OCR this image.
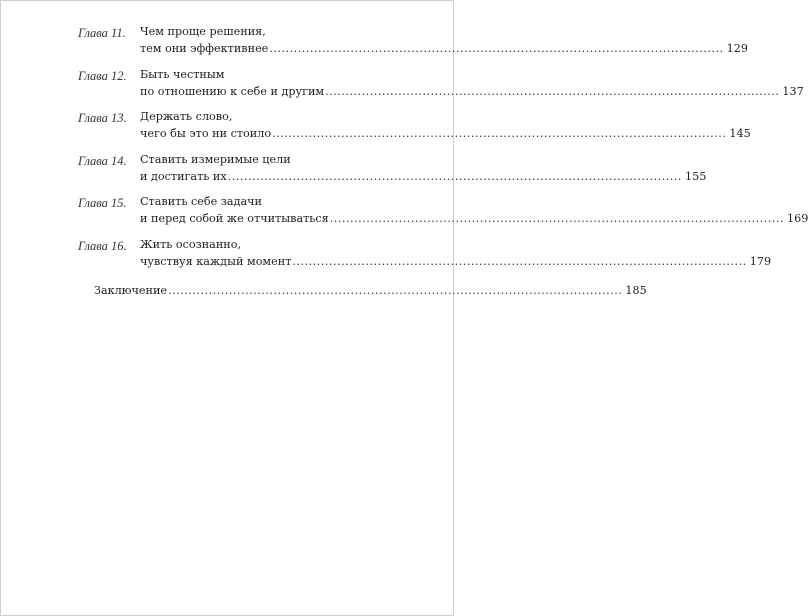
Глава 11. Чем проще решения,
тем они эффективнее ................................................................................................................ 129
Глава 12. Быть честным
по отношению к себе и другим ................................................................................................................ 137
Глава 13. Держать слово,
чего бы это ни стоило ................................................................................................................ 145
Глава 14. Ставить измеримые цели
и достигать их ................................................................................................................ 155
Глава 15. Ставить себе задачи
и перед собой же отчитываться ................................................................................................................ 169
Глава 16. Жить осознанно,
чувствуя каждый момент ................................................................................................................ 179
Заключение ................................................................................................................ 185
